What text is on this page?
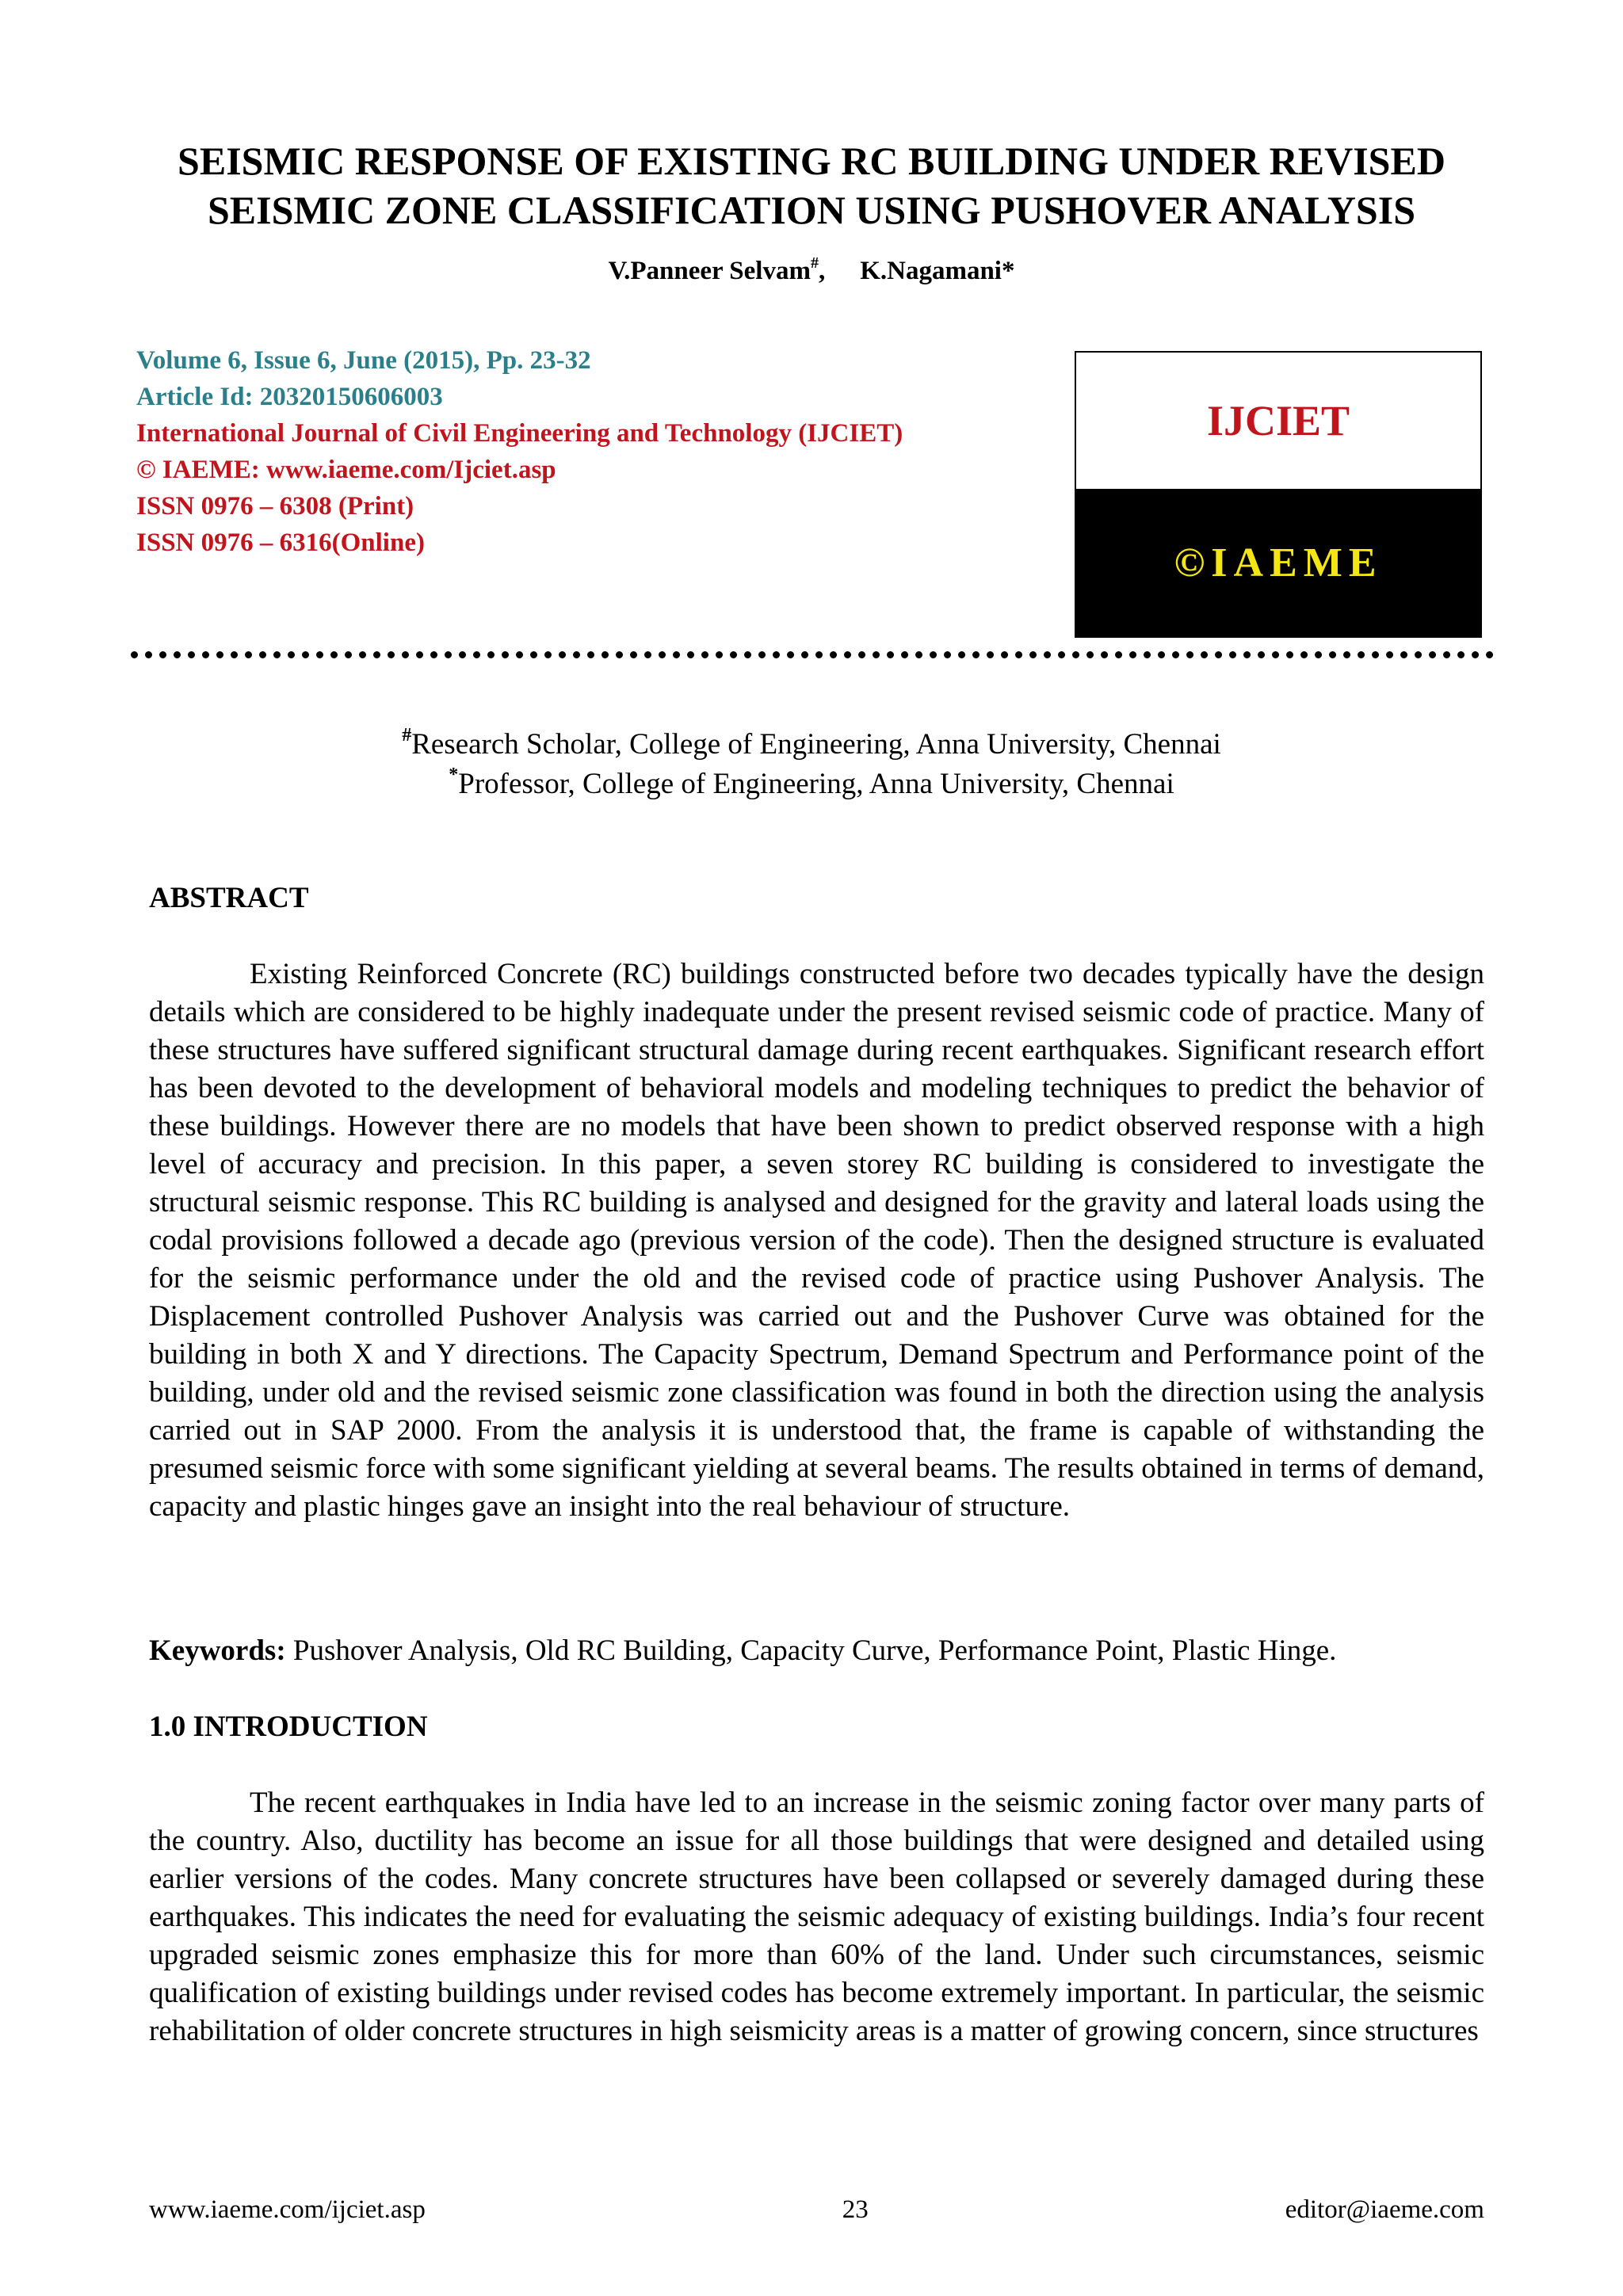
SEISMIC RESPONSE OF EXISTING RC BUILDING UNDER REVISED
SEISMIC ZONE CLASSIFICATION USING PUSHOVER ANALYSIS
V.Panneer Selvam#, K.Nagamani*
Volume 6, Issue 6, June (2015), Pp. 23-32
Article Id: 20320150606003
International Journal of Civil Engineering and Technology (IJCIET)
© IAEME: www.iaeme.com/Ijciet.asp
ISSN 0976 – 6308 (Print)
ISSN 0976 – 6316(Online)
IJCIET
©IAEME
#Research Scholar, College of Engineering, Anna University, Chennai
*Professor, College of Engineering, Anna University, Chennai
ABSTRACT

Existing Reinforced Concrete (RC) buildings constructed before two decades typically have the design details which are considered to be highly inadequate under the present revised seismic code of practice. Many of these structures have suffered significant structural damage during recent earthquakes. Significant research effort has been devoted to the development of behavioral models and modeling techniques to predict the behavior of these buildings. However there are no models that have been shown to predict observed response with a high level of accuracy and precision. In this paper, a seven storey RC building is considered to investigate the structural seismic response. This RC building is analysed and designed for the gravity and lateral loads using the codal provisions followed a decade ago (previous version of the code). Then the designed structure is evaluated for the seismic performance under the old and the revised code of practice using Pushover Analysis. The Displacement controlled Pushover Analysis was carried out and the Pushover Curve was obtained for the building in both X and Y directions. The Capacity Spectrum, Demand Spectrum and Performance point of the building, under old and the revised seismic zone classification was found in both the direction using the analysis carried out in SAP 2000. From the analysis it is understood that, the frame is capable of withstanding the presumed seismic force with some significant yielding at several beams. The results obtained in terms of demand, capacity and plastic hinges gave an insight into the real behaviour of structure.

Keywords: Pushover Analysis, Old RC Building, Capacity Curve, Performance Point, Plastic Hinge.
1.0 INTRODUCTION

The recent earthquakes in India have led to an increase in the seismic zoning factor over many parts of the country. Also, ductility has become an issue for all those buildings that were designed and detailed using earlier versions of the codes. Many concrete structures have been collapsed or severely damaged during these earthquakes. This indicates the need for evaluating the seismic adequacy of existing buildings. India’s four recent upgraded seismic zones emphasize this for more than 60% of the land. Under such circumstances, seismic qualification of existing buildings under revised codes has become extremely important. In particular, the seismic rehabilitation of older concrete structures in high seismicity areas is a matter of growing concern, since structures

www.iaeme.com/ijciet.asp	23	editor@iaeme.com
